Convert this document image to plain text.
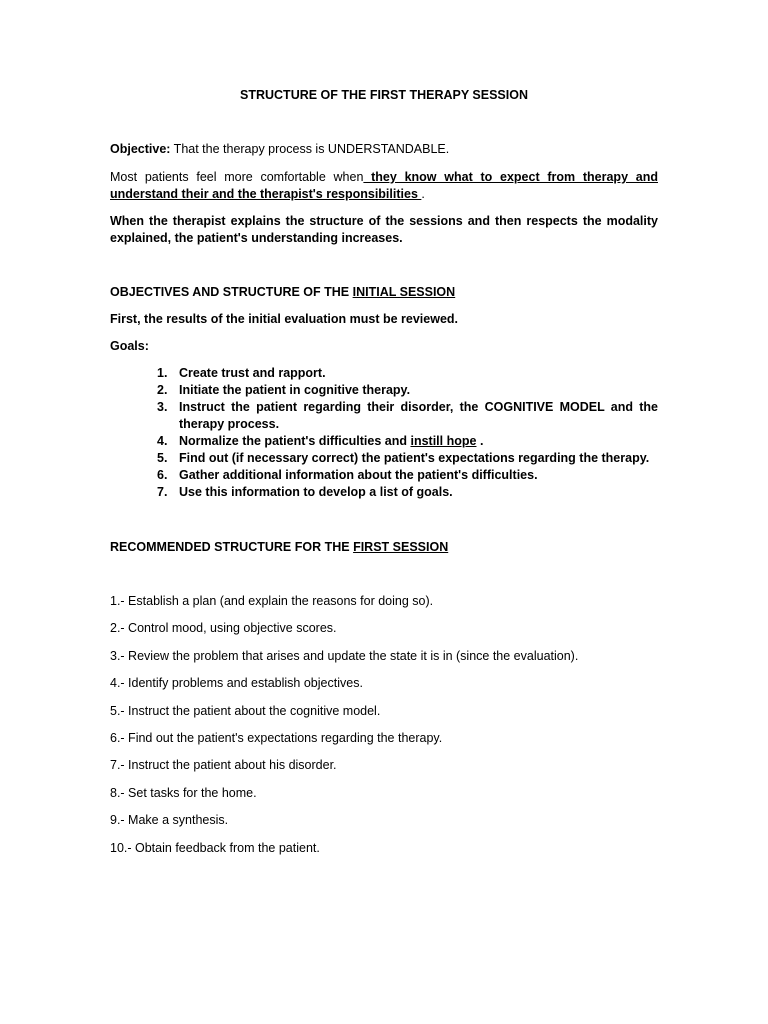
STRUCTURE OF THE FIRST THERAPY SESSION

Objective: That the therapy process is UNDERSTANDABLE.

Most patients feel more comfortable when they know what to expect from therapy and understand their and the therapist's responsibilities .

When the therapist explains the structure of the sessions and then respects the modality explained, the patient's understanding increases.

OBJECTIVES AND STRUCTURE OF THE INITIAL SESSION

First, the results of the initial evaluation must be reviewed.

Goals:

1. Create trust and rapport.
2. Initiate the patient in cognitive therapy.
3. Instruct the patient regarding their disorder, the COGNITIVE MODEL and the therapy process.
4. Normalize the patient's difficulties and instill hope .
5. Find out (if necessary correct) the patient's expectations regarding the therapy.
6. Gather additional information about the patient's difficulties.
7. Use this information to develop a list of goals.

RECOMMENDED STRUCTURE FOR THE FIRST SESSION

1.- Establish a plan (and explain the reasons for doing so).

2.- Control mood, using objective scores.

3.- Review the problem that arises and update the state it is in (since the evaluation).

4.- Identify problems and establish objectives.

5.- Instruct the patient about the cognitive model.

6.- Find out the patient's expectations regarding the therapy.

7.- Instruct the patient about his disorder.

8.- Set tasks for the home.

9.- Make a synthesis.

10.- Obtain feedback from the patient.
